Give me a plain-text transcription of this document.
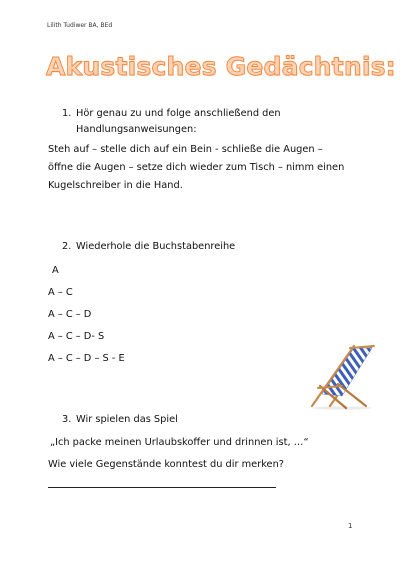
Lilith Tudiwer BA, BEd
Akustisches Gedächtnis:
1. Hör genau zu und folge anschließend den
Handlungsanweisungen:
Steh auf – stelle dich auf ein Bein - schließe die Augen –
öffne die Augen – setze dich wieder zum Tisch – nimm einen
Kugelschreiber in die Hand.
2. Wiederhole die Buchstabenreihe
A
A – C
A – C – D
A – C – D- S
A – C – D – S - E
3. Wir spielen das Spiel
„Ich packe meinen Urlaubskoffer und drinnen ist, …“
Wie viele Gegenstände konntest du dir merken?
1
